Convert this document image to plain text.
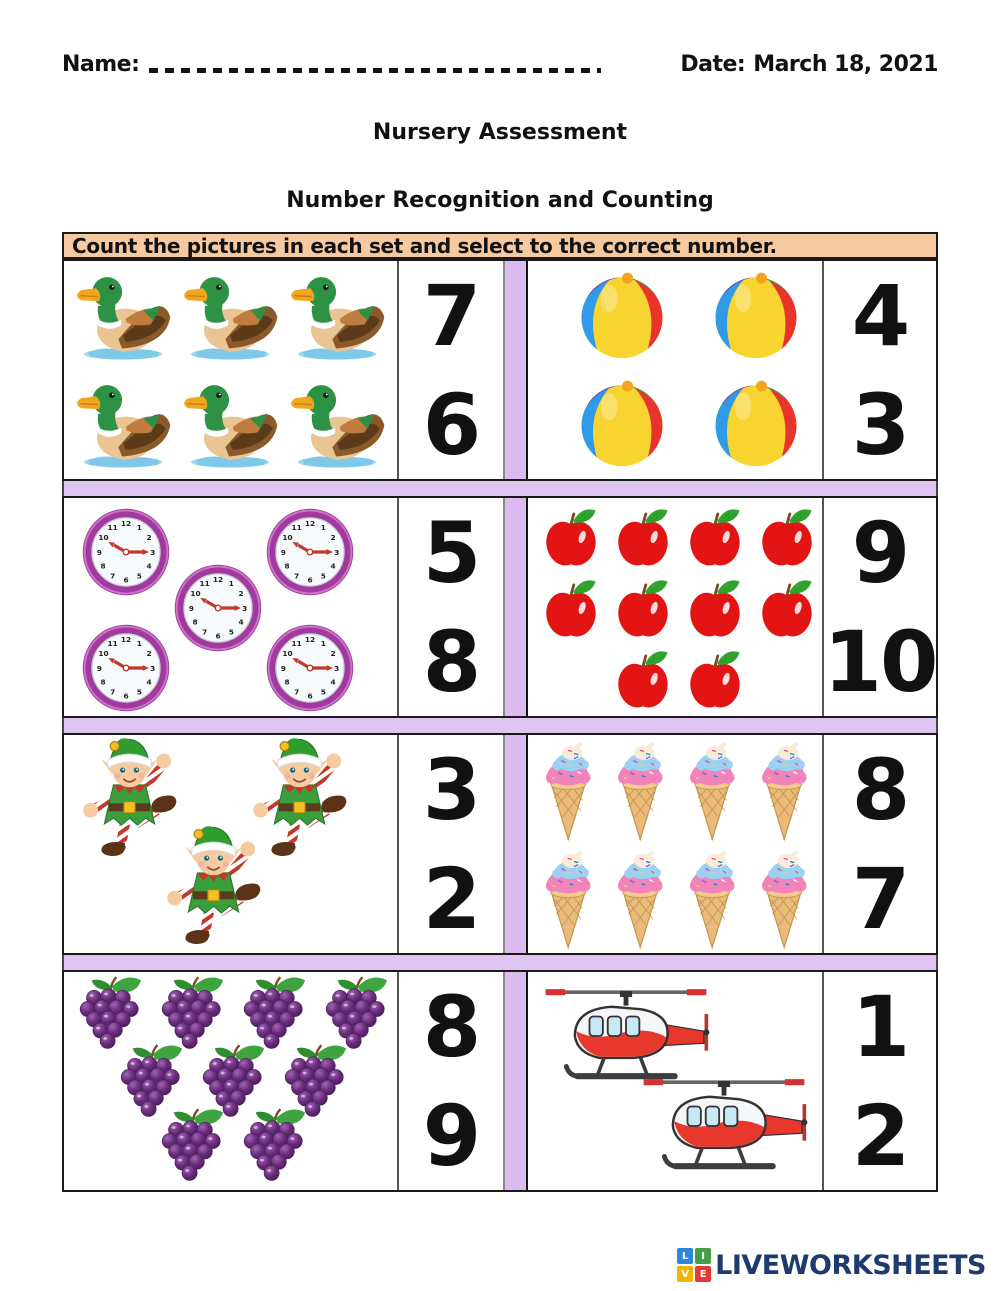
Name:	Date: March 18, 2021
Nursery Assessment
Number Recognition and Counting
Count the pictures in each set and select to the correct number.
7
6
4
3
5
8
9
10
3
2
8
7
8
9
1
2
L	I
V	E LIVEWORKSHEETS
